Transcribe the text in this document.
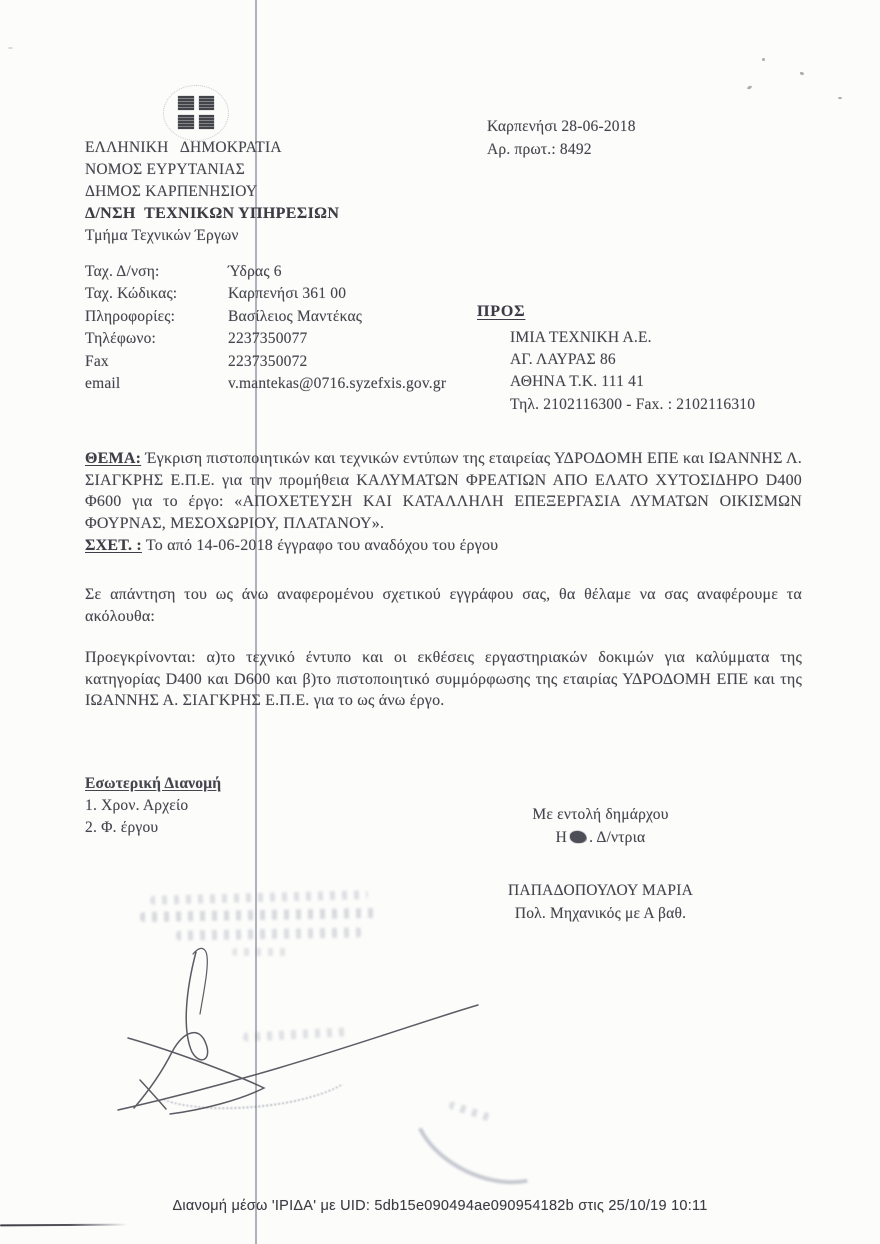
ΕΛΛΗΝΙΚΗ   ΔΗΜΟΚΡΑΤΙΑ
ΝΟΜΟΣ ΕΥΡΥΤΑΝΙΑΣ
ΔΗΜΟΣ ΚΑΡΠΕΝΗΣΙΟΥ
Δ/ΝΣΗ  ΤΕΧΝΙΚΩΝ ΥΠΗΡΕΣΙΩΝ
Τμήμα Τεχνικών Έργων
Καρπενήσι 28-06-2018
Αρ. πρωτ.: 8492
Ταχ. Δ/νση:	Ύδρας 6
Ταχ. Κώδικας:	Καρπενήσι 361 00
Πληροφορίες:	Βασίλειος Μαντέκας
Τηλέφωνο:	2237350077
Fax	2237350072
email	v.mantekas@0716.syzefxis.gov.gr
ΠΡΟΣ
ΙΜΙΑ ΤΕΧΝΙΚΗ Α.Ε.
ΑΓ. ΛΑΥΡΑΣ 86
ΑΘΗΝΑ Τ.Κ. 111 41
Τηλ. 2102116300 - Fax. : 2102116310
ΘΕΜΑ: Έγκριση πιστοποιητικών και τεχνικών εντύπων της εταιρείας ΥΔΡΟΔΟΜΗ ΕΠΕ και ΙΩΑΝΝΗΣ Λ. ΣΙΑΓΚΡΗΣ Ε.Π.Ε. για την προμήθεια ΚΑΛΥΜΑΤΩΝ ΦΡΕΑΤΙΩΝ ΑΠΟ ΕΛΑΤΟ ΧΥΤΟΣΙΔΗΡΟ D400 Φ600 για το έργο: «ΑΠΟΧΕΤΕΥΣΗ ΚΑΙ ΚΑΤΑΛΛΗΛΗ ΕΠΕΞΕΡΓΑΣΙΑ ΛΥΜΑΤΩΝ ΟΙΚΙΣΜΩΝ ΦΟΥΡΝΑΣ, ΜΕΣΟΧΩΡΙΟΥ, ΠΛΑΤΑΝΟΥ».
ΣΧΕΤ. : Το από 14-06-2018 έγγραφο του αναδόχου του έργου
Σε απάντηση του ως άνω αναφερομένου σχετικού εγγράφου σας, θα θέλαμε να σας αναφέρουμε τα ακόλουθα:
Προεγκρίνονται: α)το τεχνικό έντυπο και οι εκθέσεις εργαστηριακών δοκιμών για καλύμματα της κατηγορίας D400 και D600 και β)το πιστοποιητικό συμμόρφωσης της εταιρίας ΥΔΡΟΔΟΜΗ ΕΠΕ και της ΙΩΑΝΝΗΣ Α. ΣΙΑΓΚΡΗΣ Ε.Π.Ε. για το ως άνω έργο.
Εσωτερική Διανομή
1. Χρον. Αρχείο
2. Φ. έργου
Με εντολή δημάρχου
Η . Δ/ντρια
ΠΑΠΑΔΟΠΟΥΛΟΥ ΜΑΡΙΑ
Πολ. Μηχανικός με Α βαθ.
Διανομή μέσω 'ΙΡΙΔΑ' με UID: 5db15e090494ae090954182b στις 25/10/19 10:11
